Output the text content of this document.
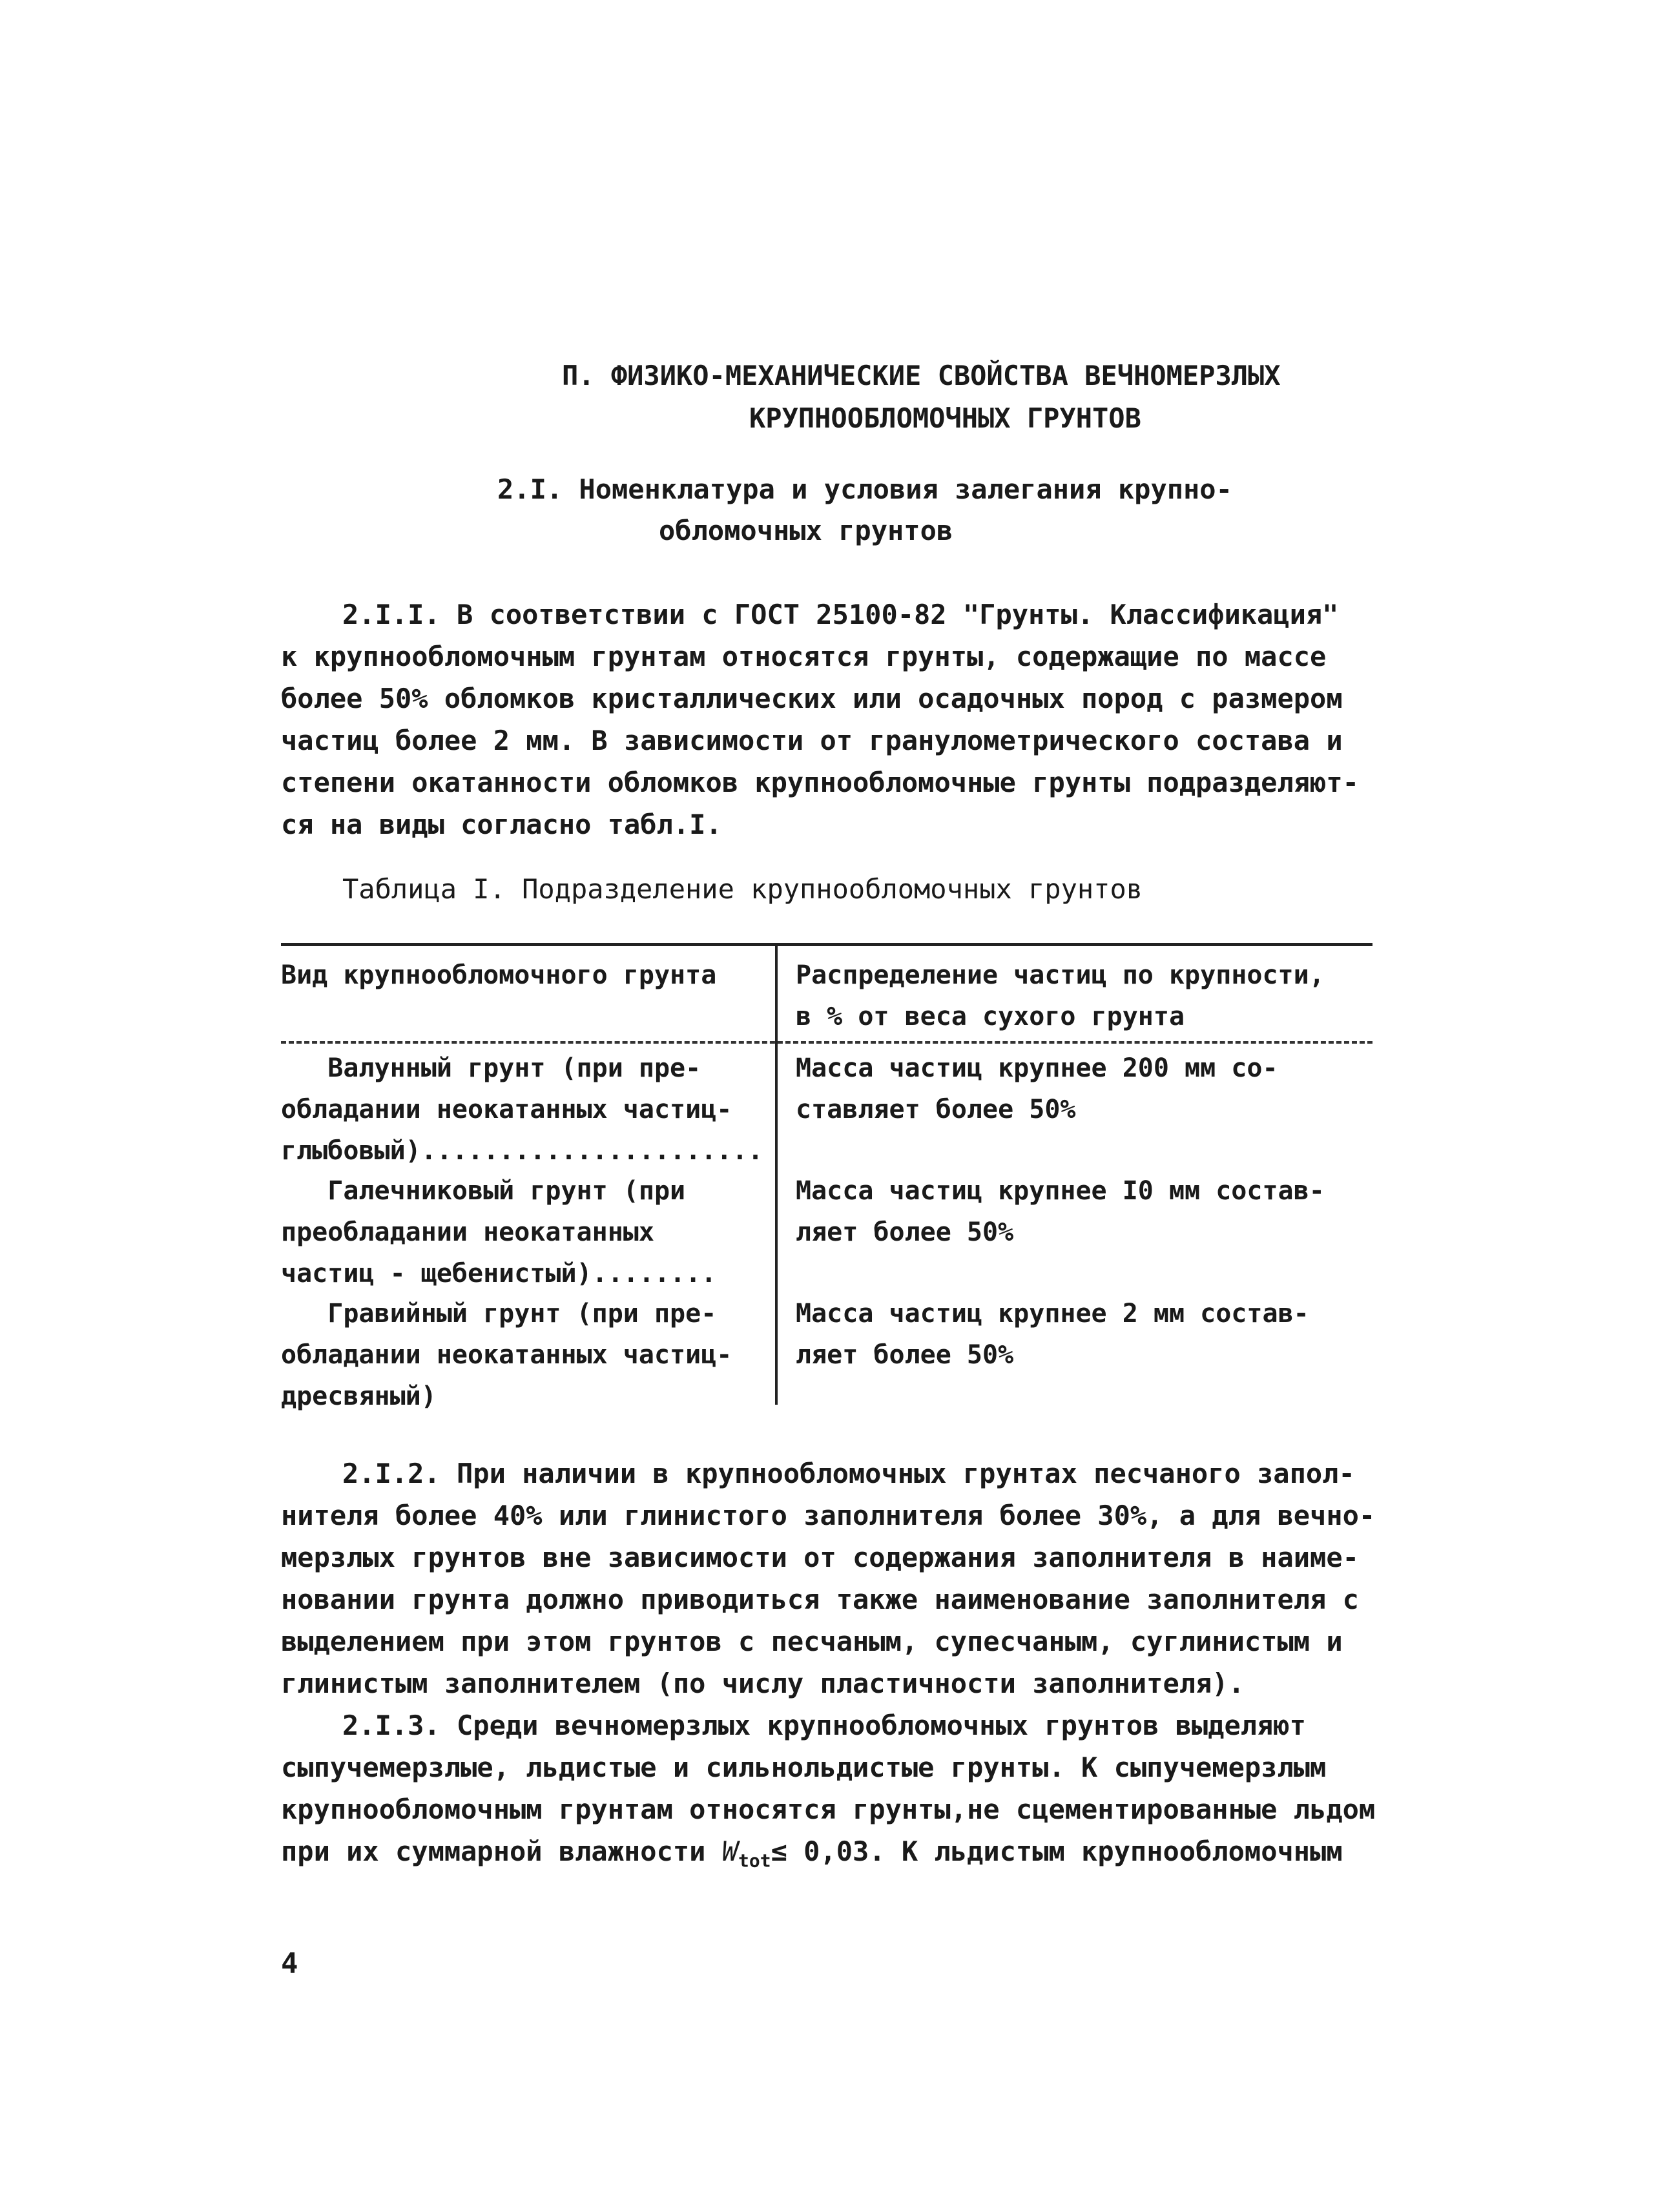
П. ФИЗИКО-МЕХАНИЧЕСКИЕ СВОЙСТВА ВЕЧНОМЕРЗЛЫХ
КРУПНООБЛОМОЧНЫХ ГРУНТОВ
2.I. Номенклатура и условия залегания крупно-
обломочных грунтов
2.I.I. В соответствии с ГОСТ 25100-82 "Грунты. Классификация"
к крупнообломочным грунтам относятся грунты, содержащие по массе
более 50% обломков кристаллических или осадочных пород с размером
частиц более 2 мм. В зависимости от гранулометрического состава и
степени окатанности обломков крупнообломочные грунты подразделяют-
ся на виды согласно табл.I.
Таблица I. Подразделение крупнообломочных грунтов
Вид крупнообломочного грунта	Распределение частиц по крупности,
в % от веса сухого грунта
Валунный грунт (при пре-
обладании неокатанных частиц-
глыбовый)......................
Масса частиц крупнее 200 мм со-
ставляет более 50%
Галечниковый грунт (при
преобладании неокатанных
частиц - щебенистый)........
Масса частиц крупнее I0 мм состав-
ляет более 50%
Гравийный грунт (при пре-
обладании неокатанных частиц-
дресвяный)
Масса частиц крупнее 2 мм состав-
ляет более 50%
2.I.2. При наличии в крупнообломочных грунтах песчаного запол-
нителя более 40% или глинистого заполнителя более 30%, а для вечно-
мерзлых грунтов вне зависимости от содержания заполнителя в наиме-
новании грунта должно приводиться также наименование заполнителя с
выделением при этом грунтов с песчаным, супесчаным, суглинистым и
глинистым заполнителем (по числу пластичности заполнителя).
2.I.3. Среди вечномерзлых крупнообломочных грунтов выделяют
сыпучемерзлые, льдистые и сильнольдистые грунты. К сыпучемерзлым
крупнообломочным грунтам относятся грунты,не сцементированные льдом
при их суммарной влажности $W_{tot}\le 0,03$. К льдистым крупнообломочным
4
